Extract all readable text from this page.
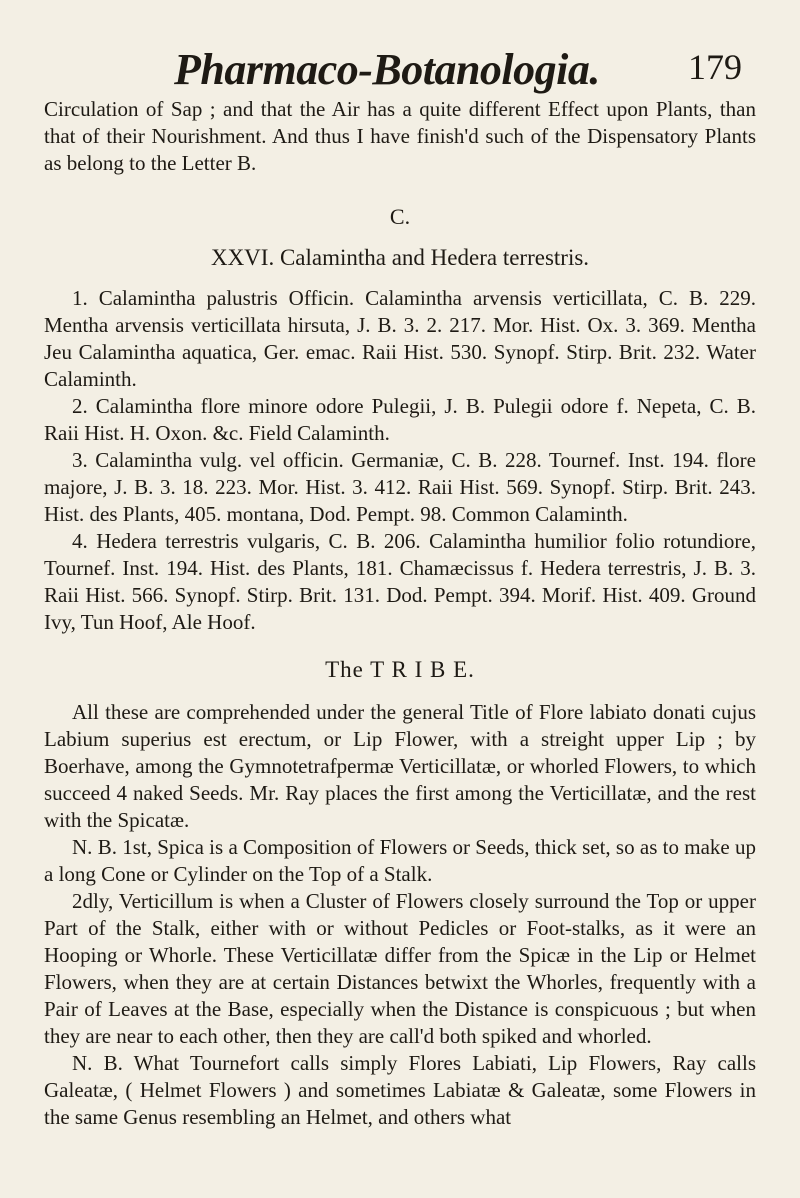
Pharmaco-Botanologia. 179

Circulation of Sap ; and that the Air has a quite different Effect upon Plants, than that of their Nourishment. And thus I have finish'd such of the Dispensatory Plants as belong to the Letter B.

C.

XXVI. Calamintha and Hedera terrestris.

1. Calamintha palustris Officin. Calamintha arvensis verticillata, C. B. 229. Mentha arvensis verticillata hirsuta, J. B. 3. 2. 217. Mor. Hist. Ox. 3. 369. Mentha Jeu Calamintha aquatica, Ger. emac. Raii Hist. 530. Synopf. Stirp. Brit. 232. Water Calaminth.

2. Calamintha flore minore odore Pulegii, J. B. Pulegii odore f. Nepeta, C. B. Raii Hist. H. Oxon. &c. Field Calaminth.

3. Calamintha vulg. vel officin. Germaniæ, C. B. 228. Tournef. Inst. 194. flore majore, J. B. 3. 18. 223. Mor. Hist. 3. 412. Raii Hist. 569. Synopf. Stirp. Brit. 243. Hist. des Plants, 405. montana, Dod. Pempt. 98. Common Calaminth.

4. Hedera terrestris vulgaris, C. B. 206. Calamintha humilior folio rotundiore, Tournef. Inst. 194. Hist. des Plants, 181. Chamæcissus f. Hedera terrestris, J. B. 3. Raii Hist. 566. Synopf. Stirp. Brit. 131. Dod. Pempt. 394. Morif. Hist. 409. Ground Ivy, Tun Hoof, Ale Hoof.

The T R I B E.

All these are comprehended under the general Title of Flore labiato donati cujus Labium superius est erectum, or Lip Flower, with a streight upper Lip ; by Boerhave, among the Gymnotetrafpermæ Verticillatæ, or whorled Flowers, to which succeed 4 naked Seeds. Mr. Ray places the first among the Verticillatæ, and the rest with the Spicatæ.

N. B. 1st, Spica is a Composition of Flowers or Seeds, thick set, so as to make up a long Cone or Cylinder on the Top of a Stalk.

2dly, Verticillum is when a Cluster of Flowers closely surround the Top or upper Part of the Stalk, either with or without Pedicles or Foot-stalks, as it were an Hooping or Whorle. These Verticillatæ differ from the Spicæ in the Lip or Helmet Flowers, when they are at certain Distances betwixt the Whorles, frequently with a Pair of Leaves at the Base, especially when the Distance is conspicuous ; but when they are near to each other, then they are call'd both spiked and whorled.

N. B. What Tournefort calls simply Flores Labiati, Lip Flowers, Ray calls Galeatæ, ( Helmet Flowers ) and sometimes Labiatæ & Galeatæ, some Flowers in the same Genus resembling an Helmet, and others what
